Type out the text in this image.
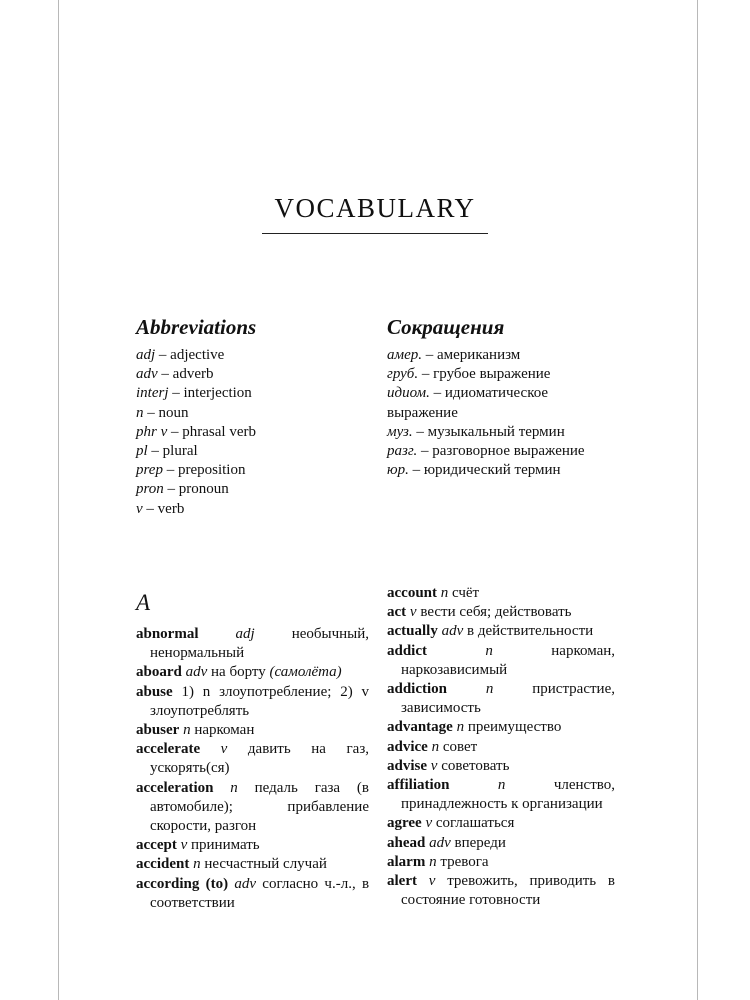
VOCABULARY
Abbreviations
adj – adjective
adv – adverb
interj – interjection
n – noun
phr v – phrasal verb
pl – plural
prep – preposition
pron – pronoun
v – verb
Сокращения
амер. – американизм
груб. – грубое выражение
идиом. – идиоматическое выражение
муз. – музыкальный термин
разг. – разговорное выражение
юр. – юридический термин
A
abnormal adj необычный, ненормальный
aboard adv на борту (самолёта)
abuse 1) n злоупотребление; 2) v злоупотреблять
abuser n наркоман
accelerate v давить на газ, ускорять(ся)
acceleration n педаль газа (в автомобиле); прибавление скорости, разгон
accept v принимать
accident n несчастный случай
according (to) adv согласно ч.-л., в соответствии
account n счёт
act v вести себя; действовать
actually adv в действительности
addict	n	наркоман, наркозависимый
addiction	n	пристрастие, зависимость
advantage n преимущество
advice n совет
advise v советовать
affiliation	n	членство, принадлежность к организации
agree v соглашаться
ahead adv впереди
alarm n тревога
alert v тревожить, приводить в состояние готовности
